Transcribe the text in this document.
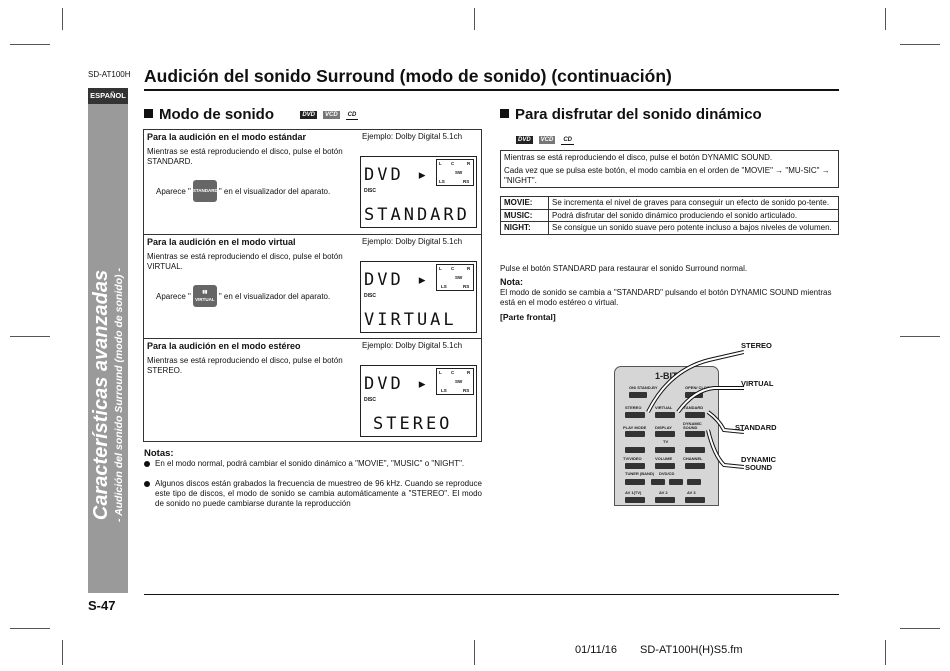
SD-AT100H Audición del sonido Surround (modo de sonido) (continuación)
ESPAÑOL
Características avanzadas - Audición del sonido Surround (modo de sonido) -
Modo de sonido	DVD VCD CD
Para la audición en el modo estándar	Ejemplo: Dolby Digital 5.1ch
Mientras se está reproduciendo el disco, pulse el botón STANDARD.
Aparece " STANDARD " en el visualizador del aparato.
DVD ▸
DISC
STANDARD
L C	R
SW
LS	RS
Para la audición en el modo virtual	Ejemplo: Dolby Digital 5.1ch
Mientras se está reproduciendo el disco, pulse el botón VIRTUAL.
Aparece "	▮▮
VIRTUAL " en el visualizador del aparato.
DVD ▸
DISC
VIRTUAL
L C	R
SW
LS	RS
Para la audición en el modo estéreo	Ejemplo: Dolby Digital 5.1ch
Mientras se está reproduciendo el disco, pulse el botón STEREO.
DVD ▸
DISC
STEREO
L C	R
SW
LS	RS
Notas:
En el modo normal, podrá cambiar el sonido dinámico a "MOVIE", "MUSIC" o "NIGHT".
Algunos discos están grabados la frecuencia de muestreo de 96 kHz. Cuando se reproduce este tipo de discos, el modo de sonido se cambia automáticamente a "STEREO". El modo de sonido no puede cambiarse durante la reproducción
Para disfrutar del sonido dinámico
DVD VCD CD

Mientras se está reproduciendo el disco, pulse el botón DYNAMIC SOUND.

Cada vez que se pulsa este botón, el modo cambia en el orden de "MOVIE" → "MU-SIC" → "NIGHT".

MOVIE:	Se incrementa el nivel de graves para conseguir un efecto de sonido po-tente.
MUSIC:	Podrá disfrutar del sonido dinámico produciendo el sonido articulado.
NIGHT:	Se consigue un sonido suave pero potente incluso a bajos niveles de volumen.
Pulse el botón STANDARD para restaurar el sonido Surround normal.
Nota:
El modo de sonido se cambia a "STANDARD" pulsando el botón DYNAMIC SOUND mientras está en el modo estéreo o virtual.
[Parte frontal]
1-BIT
ON/ STAND-BY	OPEN/ CLOSE
STEREO	VIRTUAL STANDARD
PLAY MODE DISPLAY
DYNAMIC SOUND
TV
TV/VIDEO	VOLUME	CHANNEL
TUNER (BAND) DVD/CD
AV 1(TV)	AV 2	AV 3
STEREO
VIRTUAL
STANDARD
DYNAMIC
SOUND
S-47
01/11/16 SD-AT100H(H)S5.fm
